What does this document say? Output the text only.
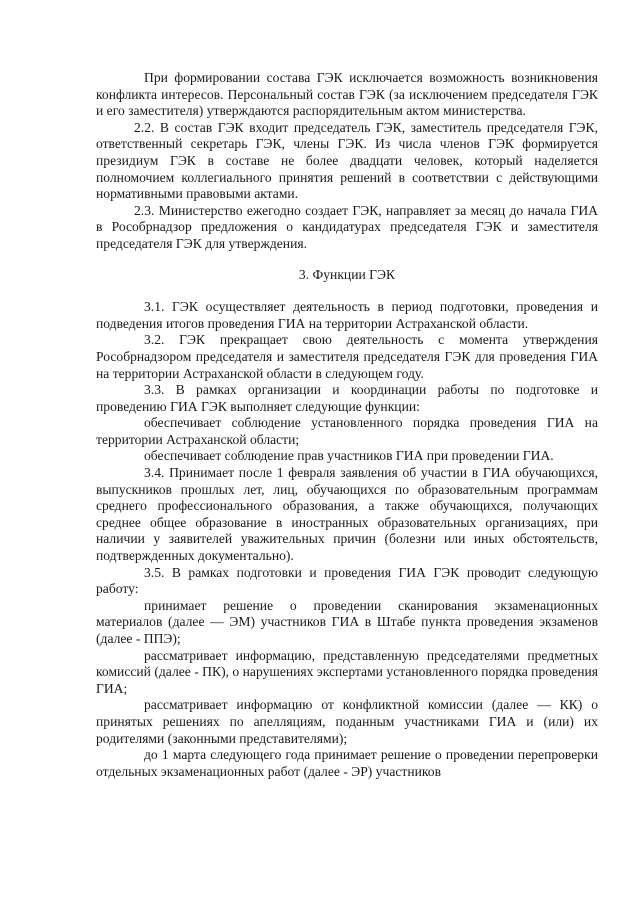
При формировании состава ГЭК исключается возможность возникновения конфликта интересов. Персональный состав ГЭК (за исключением председателя ГЭК и его заместителя) утверждаются распорядительным актом министерства.

2.2. В состав ГЭК входит председатель ГЭК, заместитель председателя ГЭК, ответственный секретарь ГЭК, члены ГЭК. Из числа членов ГЭК формируется президиум ГЭК в составе не более двадцати человек, который наделяется полномочием коллегиального принятия решений в соответствии с действующими нормативными правовыми актами.

2.3. Министерство ежегодно создает ГЭК, направляет за месяц до начала ГИА в Рособрнадзор предложения о кандидатурах председателя ГЭК и заместителя председателя ГЭК для утверждения.

3. Функции ГЭК

3.1. ГЭК осуществляет деятельность в период подготовки, проведения и подведения итогов проведения ГИА на территории Астраханской области.

3.2. ГЭК прекращает свою деятельность с момента утверждения Рособрнадзором председателя и заместителя председателя ГЭК для проведения ГИА на территории Астраханской области в следующем году.

3.3. В рамках организации и координации работы по подготовке и проведению ГИА ГЭК выполняет следующие функции:

обеспечивает соблюдение установленного порядка проведения ГИА на территории Астраханской области;

обеспечивает соблюдение прав участников ГИА при проведении ГИА.

3.4. Принимает после 1 февраля заявления об участии в ГИА обучающихся, выпускников прошлых лет, лиц, обучающихся по образовательным программам среднего профессионального образования, а также обучающихся, получающих среднее общее образование в иностранных образовательных организациях, при наличии у заявителей уважительных причин (болезни или иных обстоятельств, подтвержденных документально).

3.5. В рамках подготовки и проведения ГИА ГЭК проводит следующую работу:

принимает решение о проведении сканирования экзаменационных материалов (далее — ЭМ) участников ГИА в Штабе пункта проведения экзаменов (далее - ППЭ);

рассматривает информацию, представленную председателями предметных комиссий (далее - ПК), о нарушениях экспертами установленного порядка проведения ГИА;

рассматривает информацию от конфликтной комиссии (далее — КК) о принятых решениях по апелляциям, поданным участниками ГИА и (или) их родителями (законными представителями);

до 1 марта следующего года принимает решение о проведении перепроверки отдельных экзаменационных работ (далее - ЭР) участников
